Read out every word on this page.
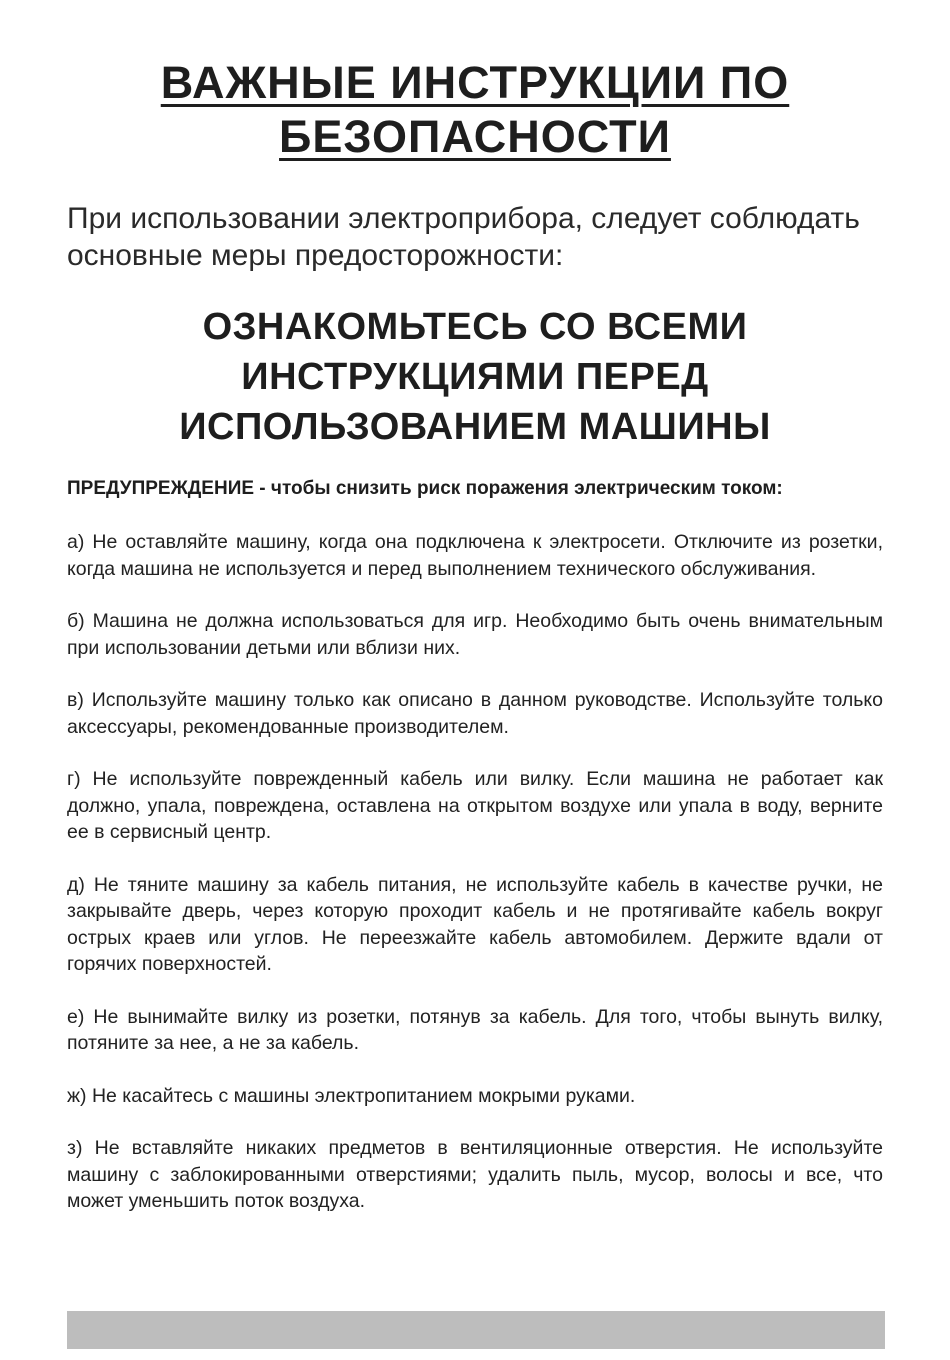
ВАЖНЫЕ ИНСТРУКЦИИ ПО
БЕЗОПАСНОСТИ

При использовании электроприбора, следует соблюдать основные меры предосторожности:

ОЗНАКОМЬТЕСЬ СО ВСЕМИ
ИНСТРУКЦИЯМИ ПЕРЕД
ИСПОЛЬЗОВАНИЕМ МАШИНЫ

ПРЕДУПРЕЖДЕНИЕ - чтобы снизить риск поражения электрическим током:

а) Не оставляйте машину, когда она подключена к электросети. Отключите из розетки, когда машина не используется и перед выполнением технического обслуживания.

б) Машина не должна использоваться для игр. Необходимо быть очень внимательным при использовании детьми или вблизи них.

в) Используйте машину только как описано в данном руководстве. Используйте только аксессуары, рекомендованные производителем.

г) Не используйте поврежденный кабель или вилку. Если машина не работает как должно, упала, повреждена, оставлена на открытом воздухе или упала в воду, верните ее в сервисный центр.

д) Не тяните машину за кабель питания, не используйте кабель в качестве ручки, не закрывайте дверь, через которую проходит кабель и не протягивайте кабель вокруг острых краев или углов. Не переезжайте кабель автомобилем. Держите вдали от горячих поверхностей.

е) Не вынимайте вилку из розетки, потянув за кабель. Для того, чтобы вынуть вилку, потяните за нее, а не за кабель.

ж) Не касайтесь с машины электропитанием мокрыми руками.

з) Не вставляйте никаких предметов в вентиляционные отверстия. Не используйте машину с заблокированными отверстиями; удалить пыль, мусор, волосы и все, что может уменьшить поток воздуха.
